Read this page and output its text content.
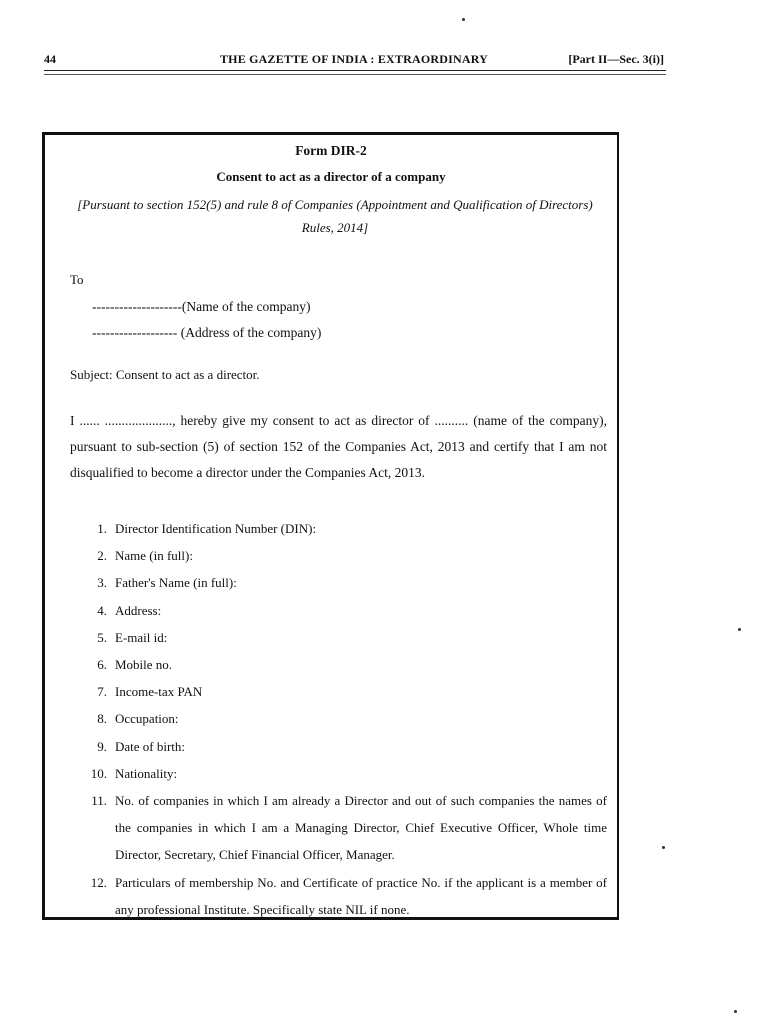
44	THE GAZETTE OF INDIA : EXTRAORDINARY	[Part II—Sec. 3(i)]
Form DIR-2
Consent to act as a director of a company
[Pursuant to section 152(5) and rule 8 of Companies (Appointment and Qualification of Directors) Rules, 2014]
To
--------------------(Name of the company)
------------------- (Address of the company)
Subject: Consent to act as a director.
I ...... ...................., hereby give my consent to act as director of .......... (name of the company), pursuant to sub-section (5) of section 152 of the Companies Act, 2013 and certify that I am not disqualified to become a director under the Companies Act, 2013.
1. Director Identification Number (DIN):
2. Name (in full):
3. Father's Name (in full):
4. Address:
5. E-mail id:
6. Mobile no.
7. Income-tax PAN
8. Occupation:
9. Date of birth:
10. Nationality:
11. No. of companies in which I am already a Director and out of such companies the names of the companies in which I am a Managing Director, Chief Executive Officer, Whole time Director, Secretary, Chief Financial Officer, Manager.
12. Particulars of membership No. and Certificate of practice No. if the applicant is a member of any professional Institute. Specifically state NIL if none.
